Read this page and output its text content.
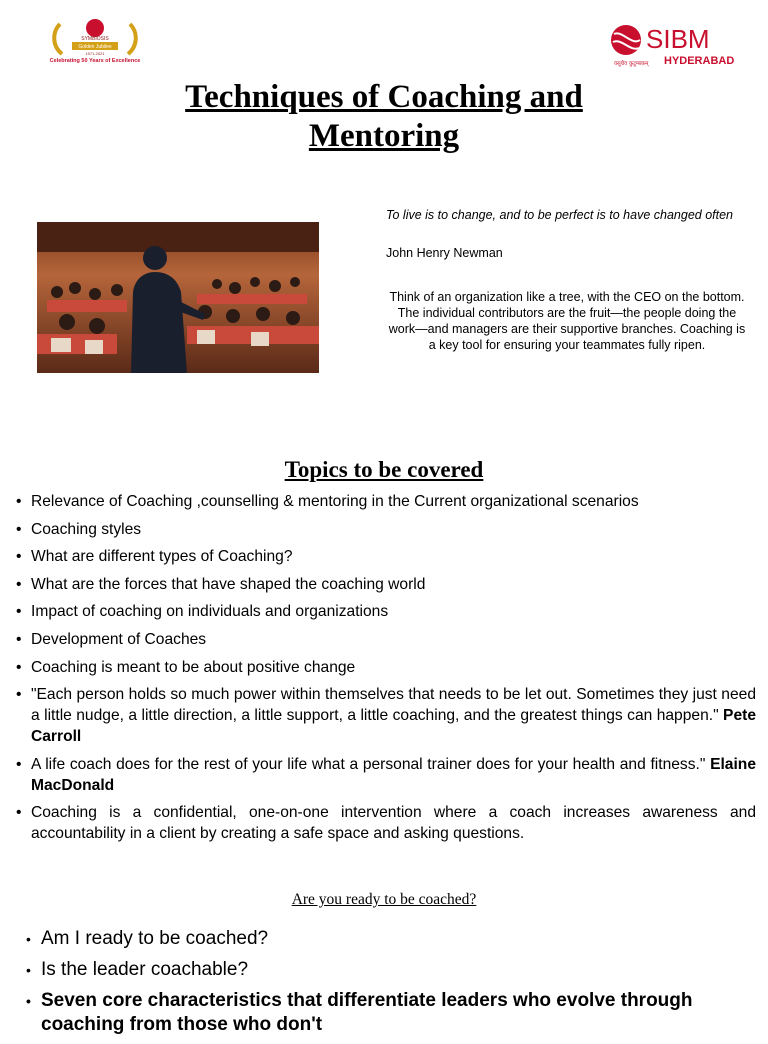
SYMBIOSIS
Golden Jubilee
1971-2021
Celebrating 50 Years of Excellence
SIBM
वसुधैव कुटुम्बकम् HYDERABAD
Techniques of Coaching and
Mentoring
To live is to change, and to be perfect is to have changed often
John Henry Newman
Think of an organization like a tree, with the CEO on the bottom. The individual contributors are the fruit—the people doing the work—and managers are their supportive branches. Coaching is a key tool for ensuring your teammates fully ripen.
Topics to be covered
• Relevance of Coaching ,counselling & mentoring in the Current organizational scenarios
• Coaching styles
• What are different types of Coaching?
• What are the forces that have shaped the coaching world
• Impact of coaching on individuals and organizations
• Development of Coaches
• Coaching is meant to be about positive change
• "Each person holds so much power within themselves that needs to be let out. Sometimes they just need a little nudge, a little direction, a little support, a little coaching, and the greatest things can happen." Pete Carroll
• A life coach does for the rest of your life what a personal trainer does for your health and fitness." Elaine MacDonald
• Coaching is a confidential, one-on-one intervention where a coach increases awareness and accountability in a client by creating a safe space and asking questions.
Are you ready to be coached?
• Am I ready to be coached?
• Is the leader coachable?
• Seven core characteristics that differentiate leaders who evolve through coaching from those who don't
